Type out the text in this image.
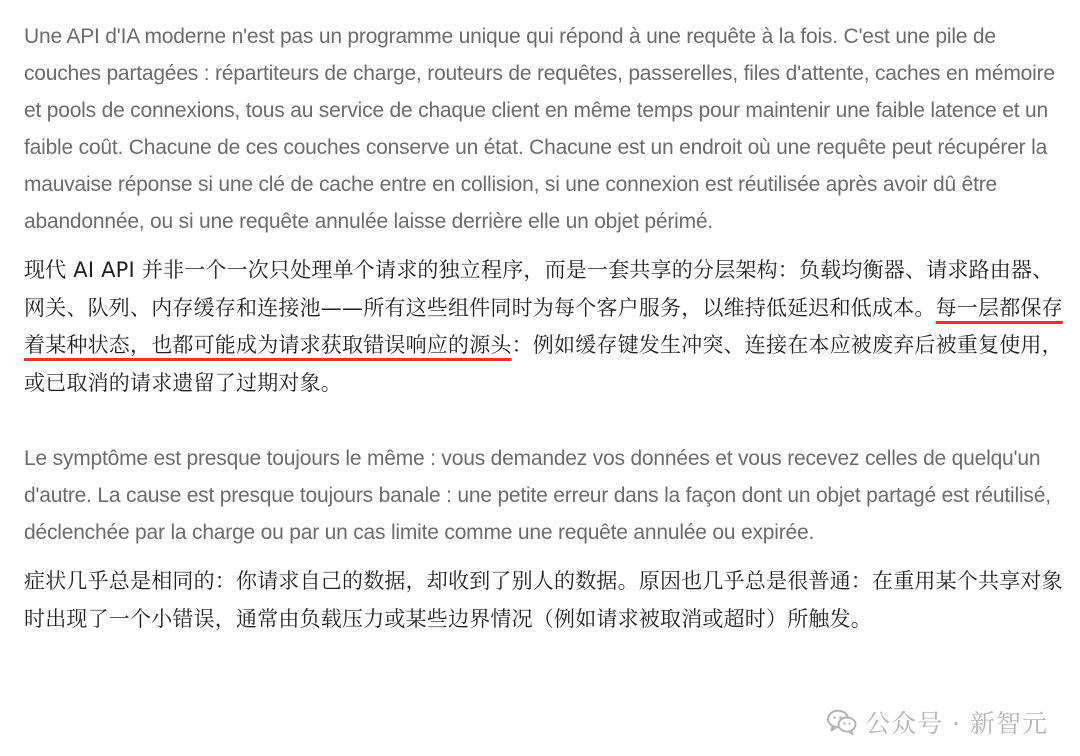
Une API d'IA moderne n'est pas un programme unique qui répond à une requête à la fois. C'est une pile de couches partagées : répartiteurs de charge, routeurs de requêtes, passerelles, files d'attente, caches en mémoire et pools de connexions, tous au service de chaque client en même temps pour maintenir une faible latence et un faible coût. Chacune de ces couches conserve un état. Chacune est un endroit où une requête peut récupérer la mauvaise réponse si une clé de cache entre en collision, si une connexion est réutilisée après avoir dû être abandonnée, ou si une requête annulée laisse derrière elle un objet périmé.

现代 AI API 并非一个一次只处理单个请求的独立程序，而是一套共享的分层架构：负载均衡器、请求路由器、网关、队列、内存缓存和连接池——所有这些组件同时为每个客户服务，以维持低延迟和低成本。每一层都保存着某种状态，也都可能成为请求获取错误响应的源头：例如缓存键发生冲突、连接在本应被废弃后被重复使用，或已取消的请求遗留了过期对象。

Le symptôme est presque toujours le même : vous demandez vos données et vous recevez celles de quelqu'un d'autre. La cause est presque toujours banale : une petite erreur dans la façon dont un objet partagé est réutilisé, déclenchée par la charge ou par un cas limite comme une requête annulée ou expirée.

症状几乎总是相同的：你请求自己的数据，却收到了别人的数据。原因也几乎总是很普通：在重用某个共享对象时出现了一个小错误，通常由负载压力或某些边界情况（例如请求被取消或超时）所触发。

公众号 · 新智元
